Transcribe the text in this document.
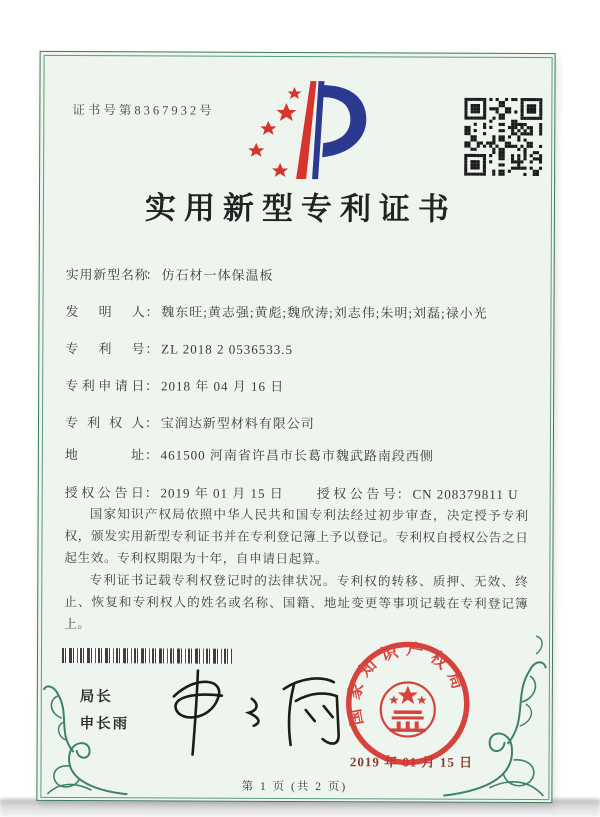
证书号第8367932号
实用新型专利证书
实用新型名称： 仿石材一体保温板
发明人： 魏东旺;黄志强;黄彪;魏欣涛;刘志伟;朱明;刘磊;禄小光
专利号： ZL 2018 2 0536533.5
专利申请日： 2018 年 04 月 16 日
专利权人： 宝润达新型材料有限公司
地址： 461500 河南省许昌市长葛市魏武路南段西侧
授权公告日： 2019 年 01 月 15 日	授权公告号： CN 208379811 U

国家知识产权局依照中华人民共和国专利法经过初步审查，决定授予专利权，颁发实用新型专利证书并在专利登记簿上予以登记。专利权自授权公告之日起生效。专利权期限为十年，自申请日起算。

专利证书记载专利权登记时的法律状况。专利权的转移、质押、无效、终止、恢复和专利权人的姓名或名称、国籍、地址变更等事项记载在专利登记簿上。

局长
申长雨	国家知识产权局
2019 年 01 月 15 日
第 1 页 (共 2 页)
